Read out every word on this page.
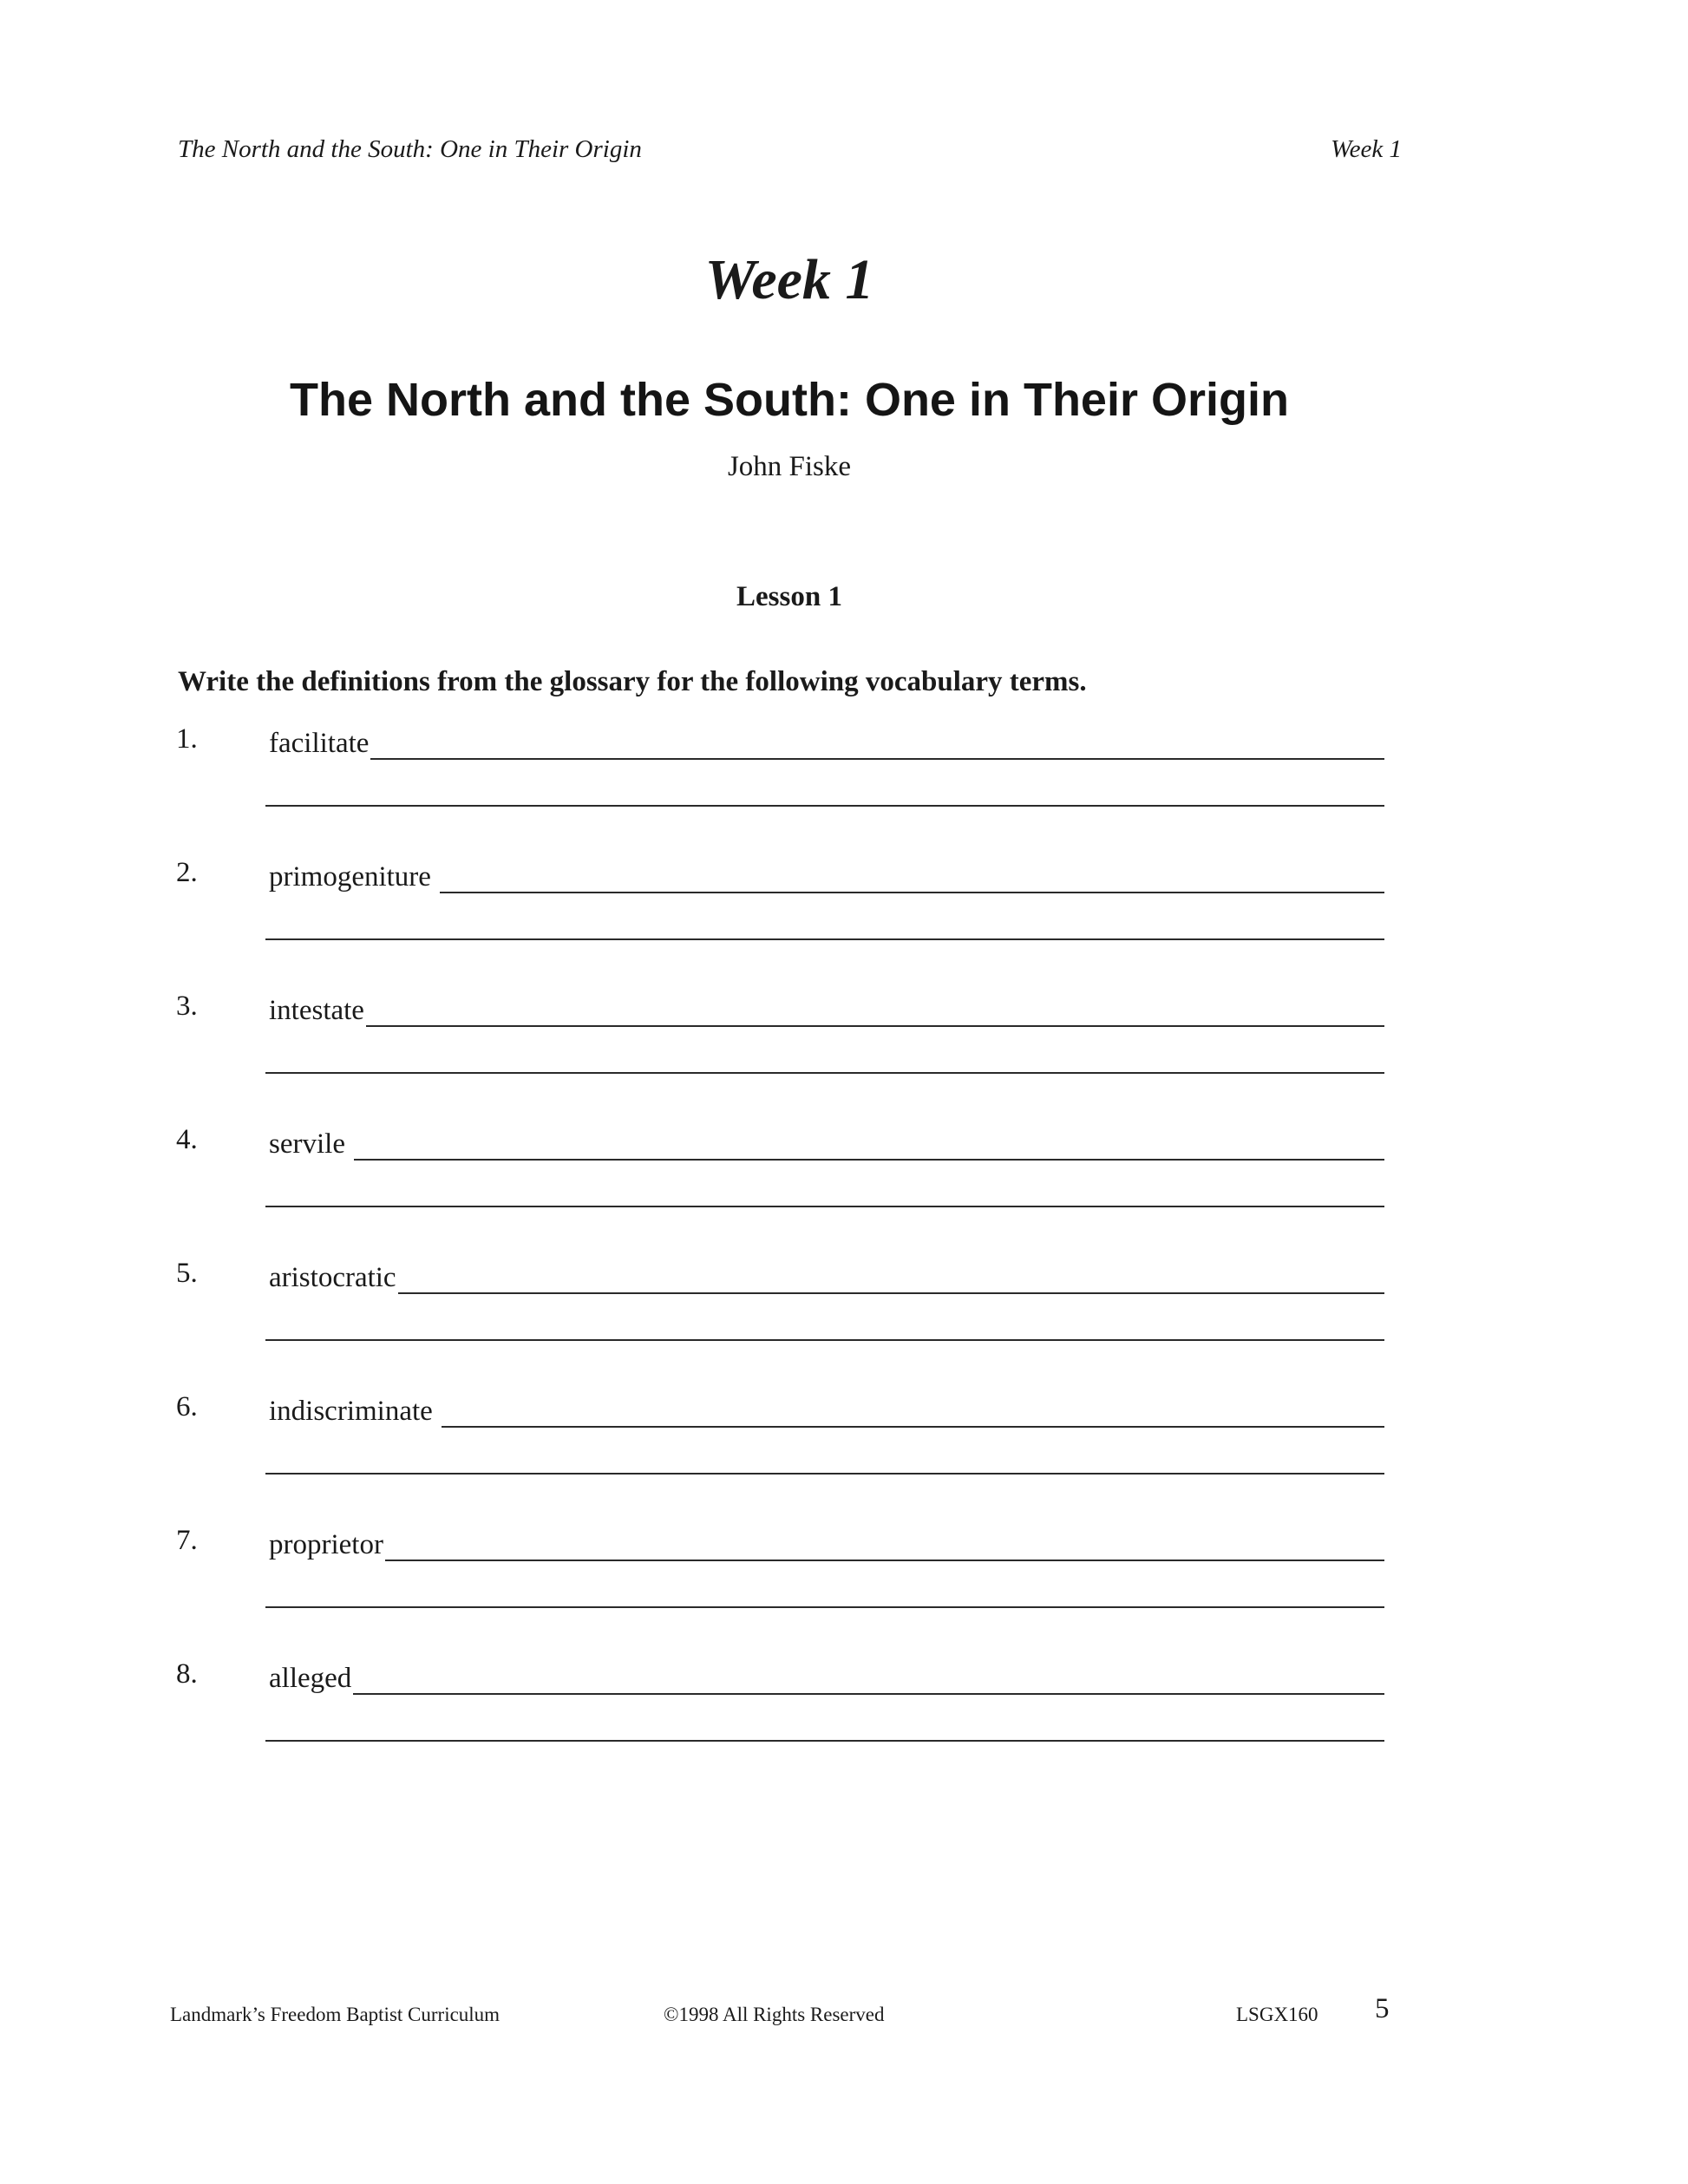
The North and the South: One in Their Origin	Week 1
Week 1
The North and the South: One in Their Origin
John Fiske
Lesson 1
Write the definitions from the glossary for the following vocabulary terms.
1. facilitate
2. primogeniture
3. intestate
4. servile
5. aristocratic
6. indiscriminate
7. proprietor
8. alleged
Landmark’s Freedom Baptist Curriculum	©1998 All Rights Reserved	LSGX160 5
